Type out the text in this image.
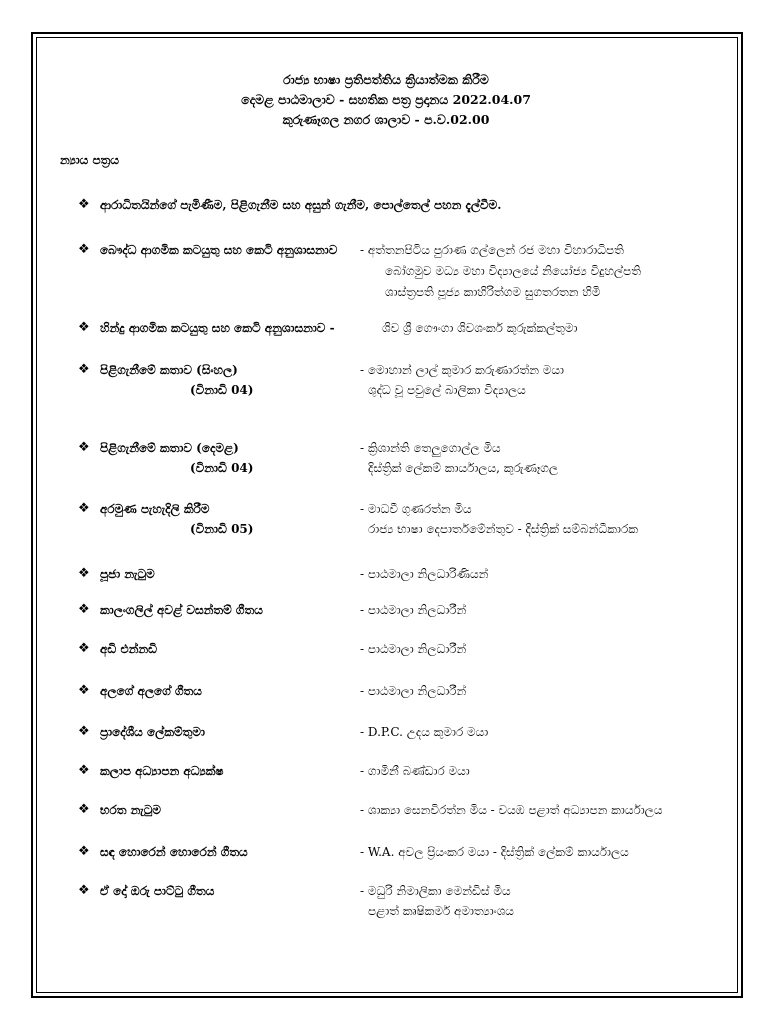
රාජ්‍ය භාෂා ප්‍රතිපත්තිය ක්‍රියාත්මක කිරීම

දෙමළ පාඨමාලාව - සහතික පත්‍ර ප්‍රදානය 2022.04.07

කුරුණෑගල නගර ශාලාව - ප.ව.02.00

න්‍යාය පත්‍රය
❖ ආරාධිතයින්ගේ පැමිණීම, පිළිගැනීම සහ අසුන් ගැනීම, පොල්තෙල් පහන දැල්වීම.
❖ බෞද්ධ ආගමික කටයුතු සහ කෙටි අනුශාසනාව - අත්තනපිටිය පුරාණ ගල්ලෙන් රජ මහා විහාරාධිපති
බෝගමුව මධ්‍ය මහා විද්‍යාලයේ නියෝජ්‍ය විදුහල්පති
ශාස්ත්‍රපති පූජ්‍ය කාහිරිත්ගම සුගතරතන හිමි
❖ හින්දු ආගමික කටයුතු සහ කෙටි අනුශාසනාව -	ශිව ශ්‍රී ගෞංගා ශිවශංකර් කුරුක්කල්තුමා
❖ පිළිගැනීමේ කතාව (සිංහල)
(විනාඩි 04)
- මොහාන් ලාල් කුමාර කරුණාරත්න මයා
ශුද්ධ වූ පවුලේ බාලිකා විද්‍යාලය
❖ පිළිගැනීමේ කතාව (දෙමළ)
(විනාඩි 04)
- ක්‍රිශාන්ති තෙලුගොල්ල මිය
දිස්ත්‍රික් ලේකම් කාර්යාලය, කුරුණෑගල
❖ අරමුණ පැහැදිලි කිරීම
(විනාඩි 05)
- මාධවී ගුණරත්න මිය
රාජ්‍ය භාෂා දෙපාර්තමේන්තුව - දිස්ත්‍රික් සම්බන්ධීකාරක
❖ පූජා නැටුම	- පාඨමාලා නිලධාරිණියන්
❖ කාලංගලිල් අවළ් වසන්තම් ගීතය	- පාඨමාලා නිලධාරීන්
❖ අඩි එන්නඩි	- පාඨමාලා නිලධාරීන්
❖ අලගේ අලගේ ගීතය	- පාඨමාලා නිලධාරීන්
❖ ප්‍රාදේශීය ලේකම්තුමා	- D.P.C. උදය කුමාර මයා
❖ කලාප අධ්‍යාපන අධ්‍යක්ෂ	- ගාමිනී බණ්ඩාර මයා
❖ භරත නැටුම	- ශාක්‍යා සෙනවිරත්න මිය - වයඹ පළාත් අධ්‍යාපන කාර්යාලය
❖ සඳ හොරෙන් හොරෙන් ගීතය	- W.A. අවල ප්‍රියංකර මයා - දිස්ත්‍රික් ලේකම් කාර්යාලය
❖ ඒ දෝ ඔරු පාට්ටු ගීතය	- මධුරි නිමාලිකා මෙන්ඩිස් මිය
පළාත් කෘෂිකර්ම අමාත්‍යාංශය
